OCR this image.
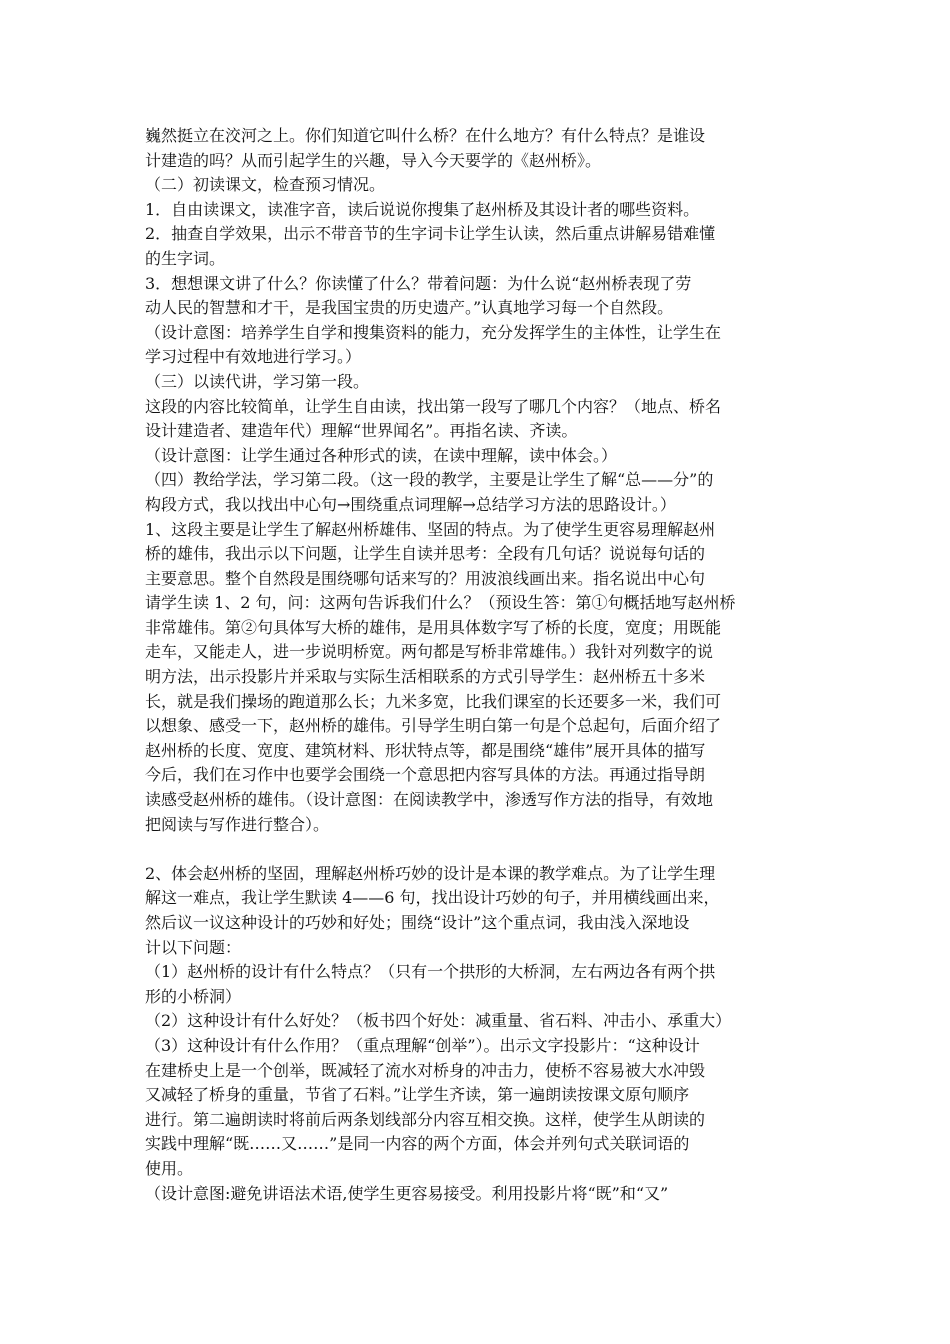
巍然挺立在洨河之上。你们知道它叫什么桥？在什么地方？有什么特点？是谁设
计建造的吗？从而引起学生的兴趣，导入今天要学的《赵州桥》。
（二）初读课文，检查预习情况。
1．自由读课文，读准字音，读后说说你搜集了赵州桥及其设计者的哪些资料。
2．抽查自学效果，出示不带音节的生字词卡让学生认读，然后重点讲解易错难懂
的生字词。
3．想想课文讲了什么？你读懂了什么？带着问题：为什么说“赵州桥表现了劳
动人民的智慧和才干，是我国宝贵的历史遗产。”认真地学习每一个自然段。
（设计意图：培养学生自学和搜集资料的能力，充分发挥学生的主体性，让学生在
学习过程中有效地进行学习。）
（三）以读代讲，学习第一段。
这段的内容比较简单，让学生自由读，找出第一段写了哪几个内容？（地点、桥名
设计建造者、建造年代）理解“世界闻名”。再指名读、齐读。
（设计意图：让学生通过各种形式的读，在读中理解，读中体会。）
（四）教给学法，学习第二段。（这一段的教学，主要是让学生了解“总——分”的
构段方式，我以找出中心句→围绕重点词理解→总结学习方法的思路设计。）
1、这段主要是让学生了解赵州桥雄伟、坚固的特点。为了使学生更容易理解赵州
桥的雄伟，我出示以下问题，让学生自读并思考：全段有几句话？说说每句话的
主要意思。整个自然段是围绕哪句话来写的？用波浪线画出来。指名说出中心句
请学生读 1、2 句，问：这两句告诉我们什么？（预设生答：第①句概括地写赵州桥
非常雄伟。第②句具体写大桥的雄伟，是用具体数字写了桥的长度，宽度；用既能
走车，又能走人，进一步说明桥宽。两句都是写桥非常雄伟。）我针对列数字的说
明方法，出示投影片并采取与实际生活相联系的方式引导学生：赵州桥五十多米
长，就是我们操场的跑道那么长；九米多宽，比我们课室的长还要多一米，我们可
以想象、感受一下，赵州桥的雄伟。引导学生明白第一句是个总起句，后面介绍了
赵州桥的长度、宽度、建筑材料、形状特点等，都是围绕“雄伟”展开具体的描写
今后，我们在习作中也要学会围绕一个意思把内容写具体的方法。再通过指导朗
读感受赵州桥的雄伟。（设计意图：在阅读教学中，渗透写作方法的指导，有效地
把阅读与写作进行整合）。
2、体会赵州桥的坚固，理解赵州桥巧妙的设计是本课的教学难点。为了让学生理
解这一难点，我让学生默读 4——6 句，找出设计巧妙的句子，并用横线画出来，
然后议一议这种设计的巧妙和好处；围绕“设计”这个重点词，我由浅入深地设
计以下问题：
（1）赵州桥的设计有什么特点？（只有一个拱形的大桥洞，左右两边各有两个拱
形的小桥洞）
（2）这种设计有什么好处？（板书四个好处：减重量、省石料、冲击小、承重大）
（3）这种设计有什么作用？（重点理解“创举”）。出示文字投影片：“这种设计
在建桥史上是一个创举，既减轻了流水对桥身的冲击力，使桥不容易被大水冲毁
又减轻了桥身的重量，节省了石料。”让学生齐读，第一遍朗读按课文原句顺序
进行。第二遍朗读时将前后两条划线部分内容互相交换。这样，使学生从朗读的
实践中理解“既……又……”是同一内容的两个方面，体会并列句式关联词语的
使用。
（设计意图:避免讲语法术语,使学生更容易接受。利用投影片将“既”和“又”
